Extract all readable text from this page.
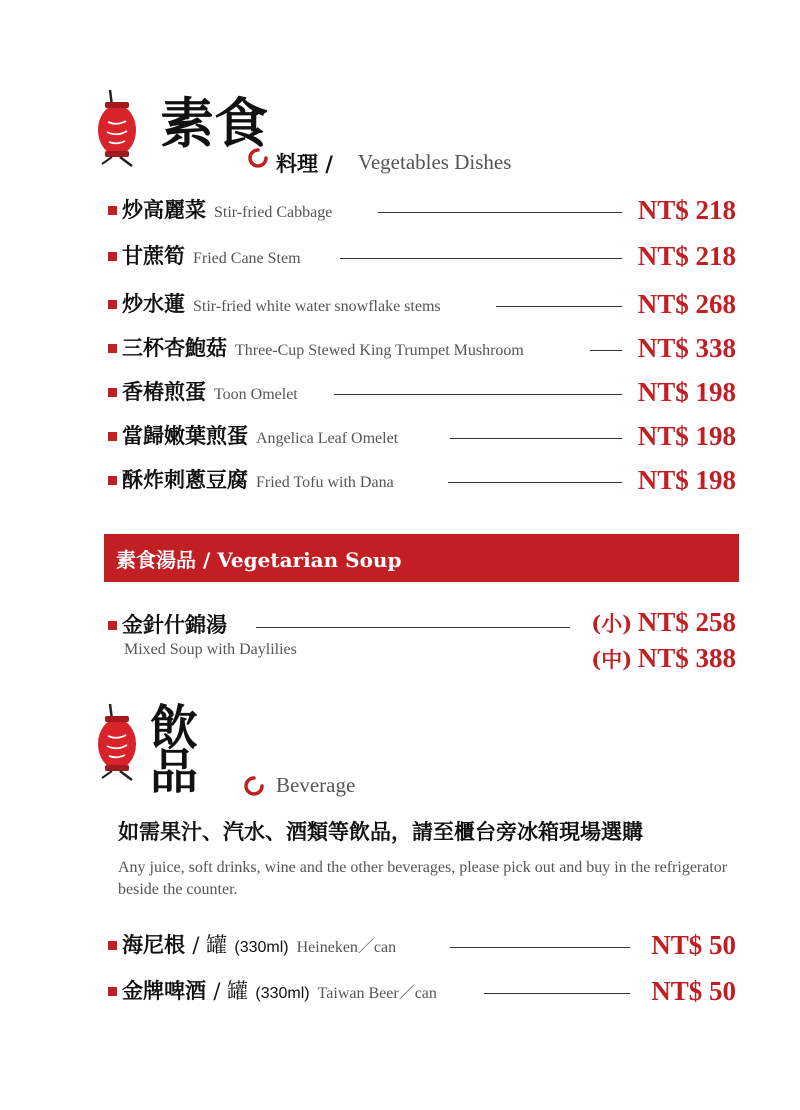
素食
料理 / Vegetables Dishes
炒高麗菜 Stir-fried Cabbage	NT$ 218
甘蔗筍 Fried Cane Stem	NT$ 218
炒水蓮 Stir-fried white water snowflake stems	NT$ 268
三杯杏鮑菇 Three-Cup Stewed King Trumpet Mushroom	NT$ 338
香椿煎蛋 Toon Omelet	NT$ 198
當歸嫩葉煎蛋 Angelica Leaf Omelet	NT$ 198
酥炸刺蔥豆腐 Fried Tofu with Dana	NT$ 198
素食湯品 / Vegetarian Soup
金針什錦湯
Mixed Soup with Daylilies
(小) NT$ 258
(中) NT$ 388
飲品	Beverage
如需果汁、汽水、酒類等飲品，請至櫃台旁冰箱現場選購
Any juice, soft drinks, wine and the other beverages, please pick out and buy in the refrigerator beside the counter.
海尼根 / 罐 (330ml) Heineken／can	NT$ 50
金牌啤酒 / 罐 (330ml) Taiwan Beer／can	NT$ 50
